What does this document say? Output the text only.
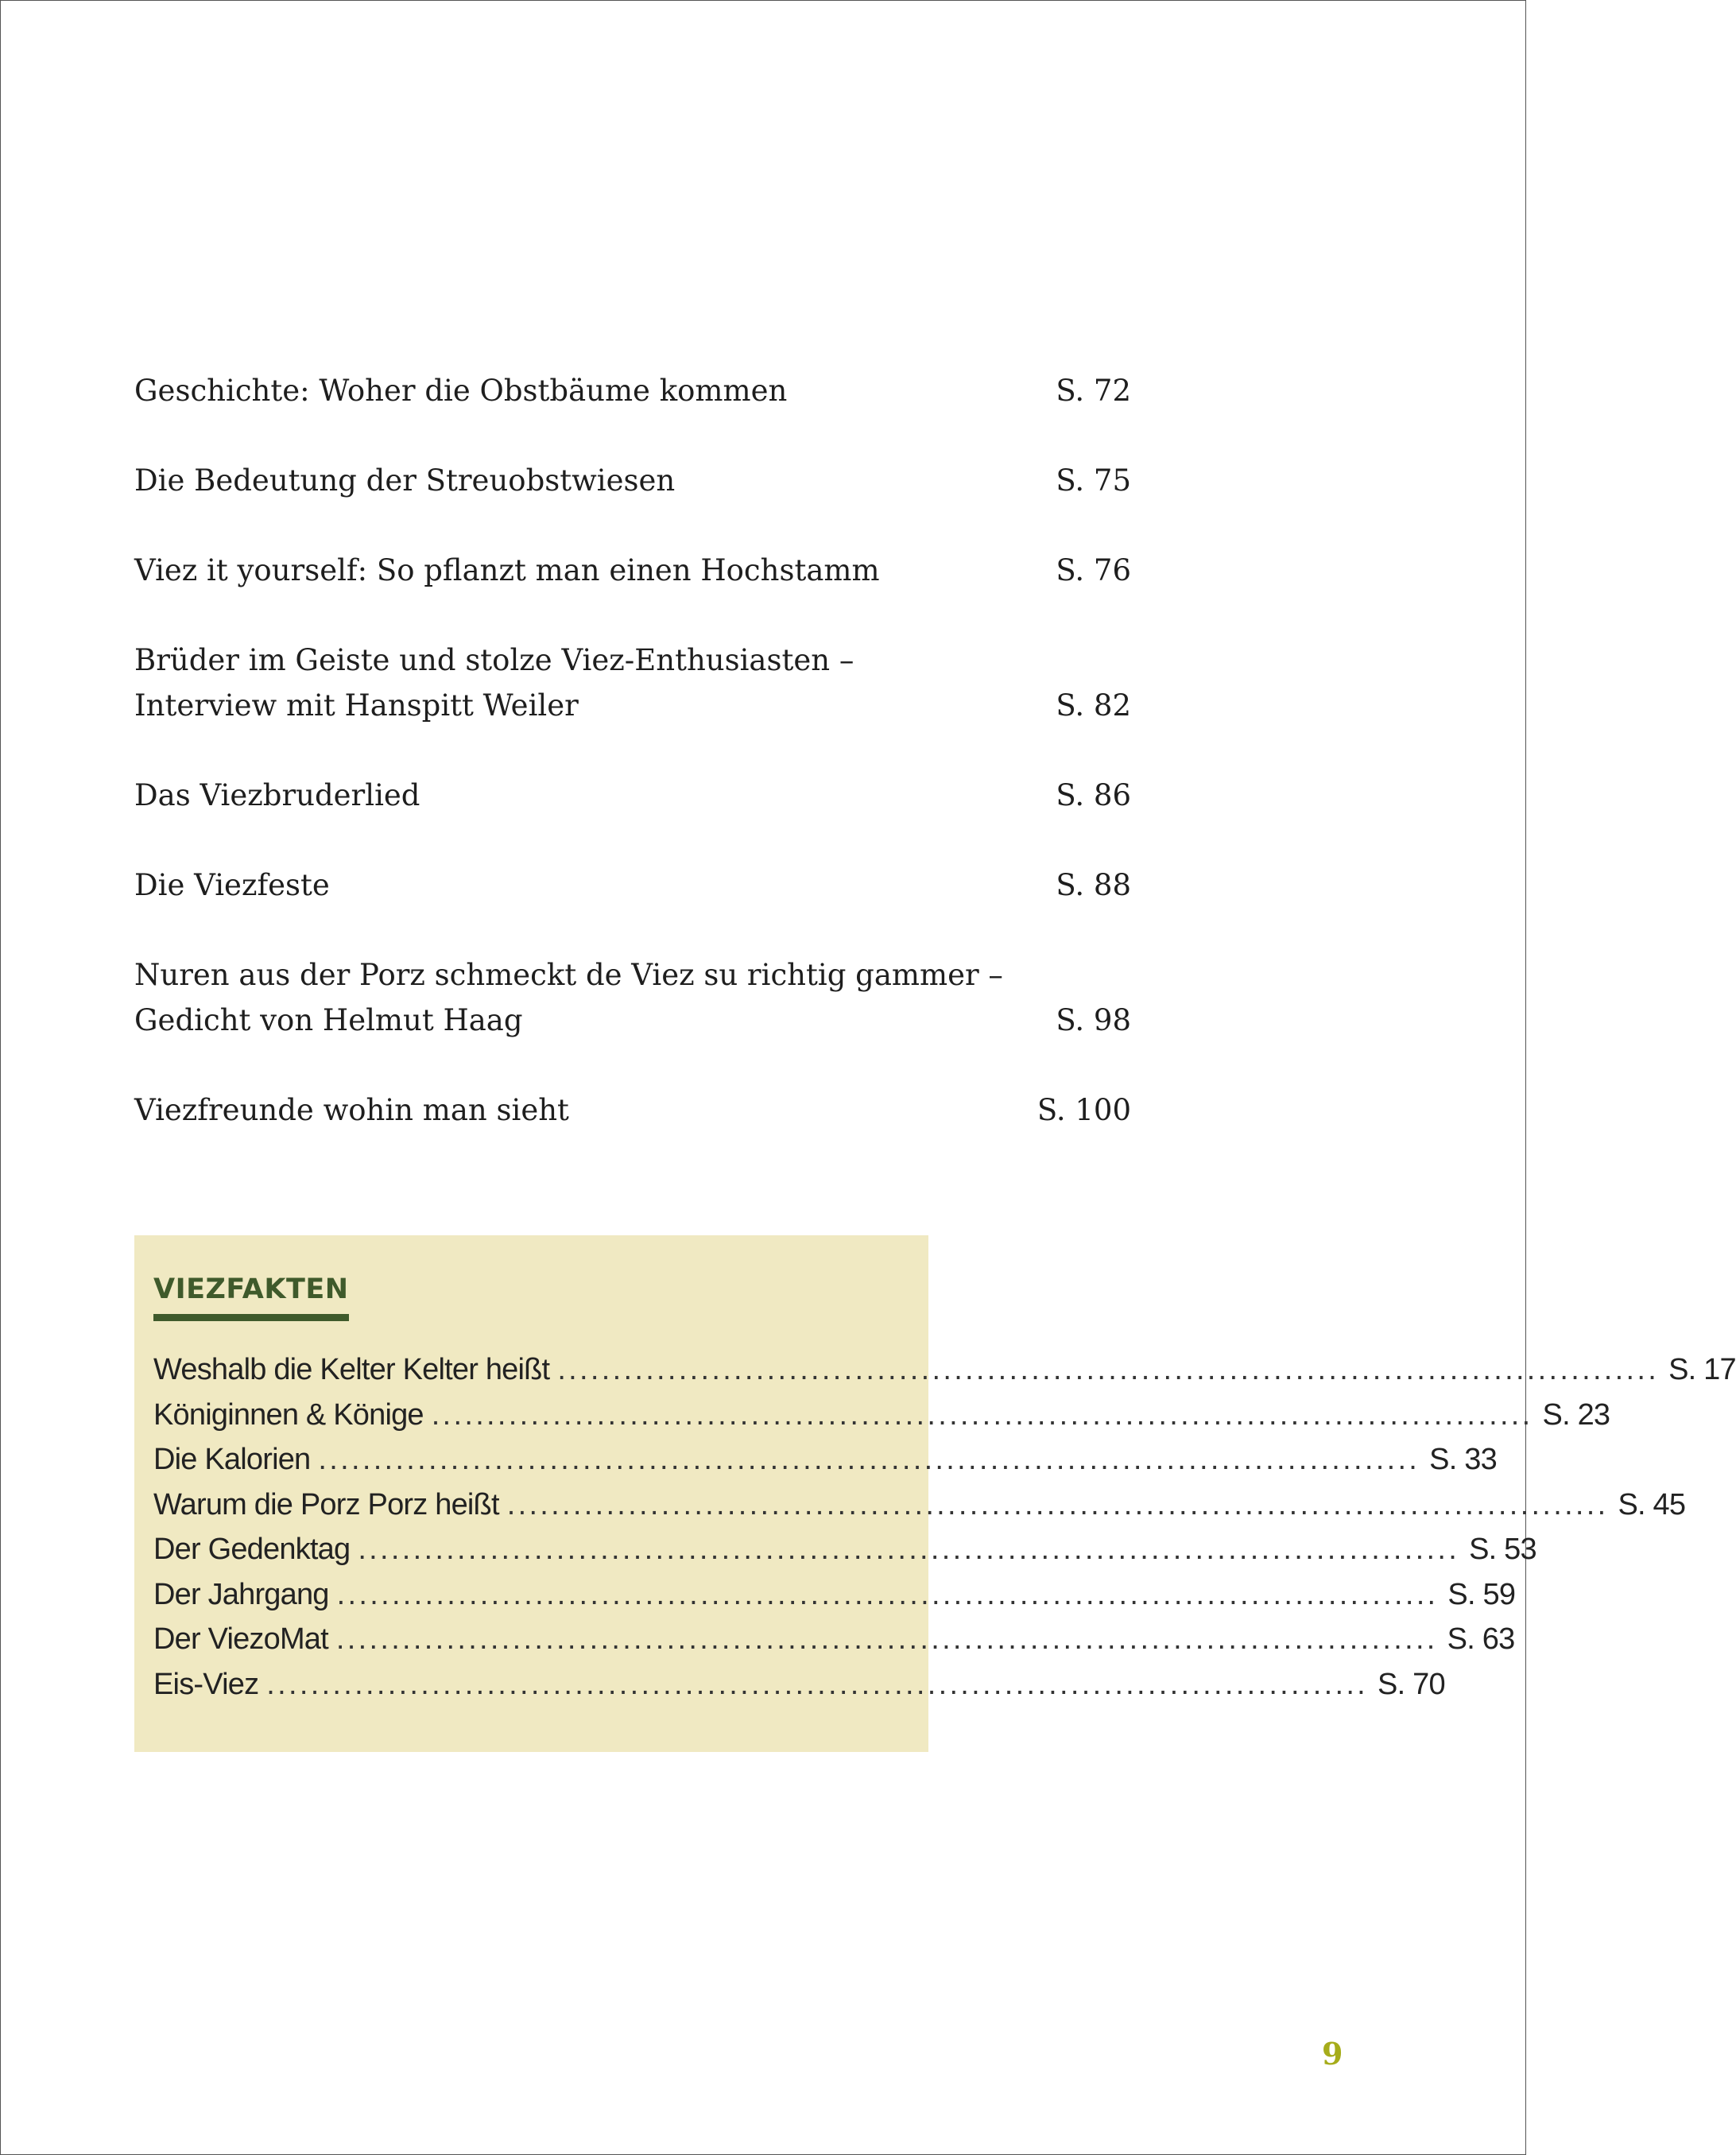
Geschichte: Woher die Obstbäume kommen	S. 72
Die Bedeutung der Streuobstwiesen	S. 75
Viez it yourself: So pflanzt man einen Hochstamm	S. 76
Brüder im Geiste und stolze Viez-Enthusiasten –
Interview mit Hanspitt Weiler	S. 82
Das Viezbruderlied	S. 86
Die Viezfeste	S. 88
Nuren aus der Porz schmeckt de Viez su richtig gammer –
Gedicht von Helmut Haag	S. 98
Viezfreunde wohin man sieht	S. 100
VIEZFAKTEN
Weshalb die Kelter Kelter heißt .................................................................................................... S. 17
Königinnen & Könige .................................................................................................... S. 23
Die Kalorien .................................................................................................... S. 33
Warum die Porz Porz heißt .................................................................................................... S. 45
Der Gedenktag .................................................................................................... S. 53
Der Jahrgang .................................................................................................... S. 59
Der ViezoMat .................................................................................................... S. 63
Eis-Viez .................................................................................................... S. 70
9
